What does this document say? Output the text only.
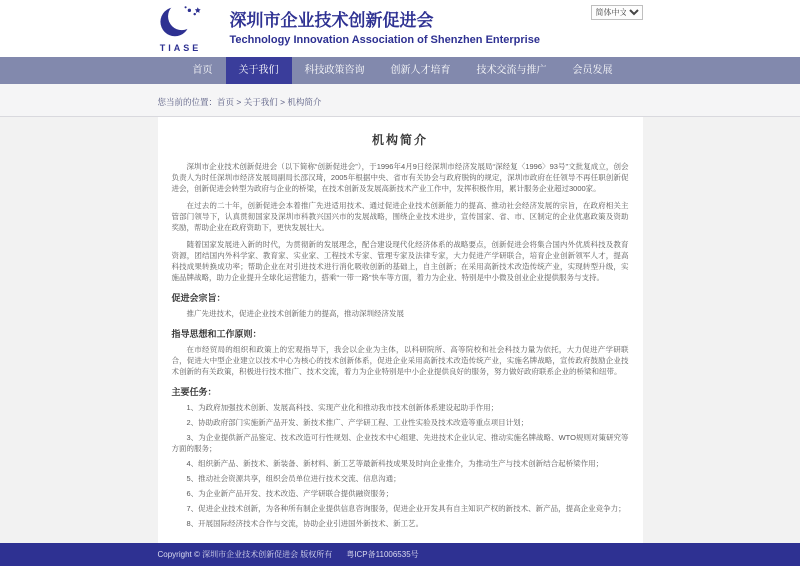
TIASE
深圳市企业技术创新促进会
Technology Innovation Association of Shenzhen Enterprise
简体中文
首页	关于我们	科技政策咨询	创新人才培育	技术交流与推广	会员发展
您当前的位置：首页 > 关于我们 > 机构简介
机构简介

深圳市企业技术创新促进会（以下简称“创新促进会”），于1996年4月9日经深圳市经济发展局“深经复〈1996〉93号”文批复成立，创会负责人为时任深圳市经济发展局副局长邵汉琦，2005年根据中央、省市有关协会与政府脱钩的规定，深圳市政府在任领导不再任职创新促进会，创新促进会转型为政府与企业的桥梁，在技术创新及发展高新技术产业工作中，发挥积极作用，累计服务企业超过3000家。

在过去的二十年，创新促进会本着推广先进适用技术、通过促进企业技术创新能力的提高、推动社会经济发展的宗旨，在政府相关主管部门领导下，认真贯彻国家及深圳市科教兴国兴市的发展战略，围绕企业技术进步，宣传国家、省、市、区制定的企业优惠政策及资助奖励，帮助企业在政府资助下，更快发展壮大。

随着国家发展进入新的时代，为贯彻新的发展理念，配合建设现代化经济体系的战略要点，创新促进会将集合国内外优质科技及教育资源，团结国内外科学家、教育家、实业家、工程技术专家、管理专家及法律专家，大力促进产学研联合，培育企业创新领军人才，提高科技成果转换成功率；帮助企业在对引进技术进行消化吸收创新的基础上，自主创新；在采用高新技术改造传统产业，实现转型升级，实施品牌战略，助力企业提升全球化运营能力，搭乘“一带一路”快车等方面，着力为企业、特别是中小微及创业企业提供服务与支持。

促进会宗旨：

推广先进技术，促进企业技术创新能力的提高，推动深圳经济发展

指导思想和工作原则：

在市经贸局的组织和政策上的宏观指导下，我会以企业为主体，以科研院所、高等院校和社会科技力量为依托，大力促进产学研联合，促进大中型企业建立以技术中心为核心的技术创新体系，促进企业采用高新技术改造传统产业，实施名牌战略，宣传政府鼓励企业技术创新的有关政策，积极进行技术推广、技术交流，着力为企业特别是中小企业提供良好的服务，努力做好政府联系企业的桥梁和纽带。

主要任务：

1、为政府加强技术创新、发展高科技、实现产业化和推动我市技术创新体系建设起助手作用；

2、协助政府部门实施新产品开发、新技术推广、产学研工程、工业性实验及技术改造等重点项目计划；

3、为企业提供新产品鉴定、技术改造可行性规划、企业技术中心组建、先进技术企业认定、推动实施名牌战略、WTO规则对策研究等方面的服务；

4、组织新产品、新技术、新装备、新材料、新工艺等最新科技成果及时向企业推介，为推动生产与技术创新结合起桥梁作用；

5、推动社会资源共享，组织会员单位进行技术交流、信息沟通；

6、为企业新产品开发、技术改造、产学研联合提供融资服务；

7、促进企业技术创新，为各种所有制企业提供信息咨询服务，促进企业开发具有自主知识产权的新技术、新产品，提高企业竞争力；

8、开展国际经济技术合作与交流，协助企业引进国外新技术、新工艺。

Copyright © 深圳市企业技术创新促进会 版权所有 粤ICP备11006535号
